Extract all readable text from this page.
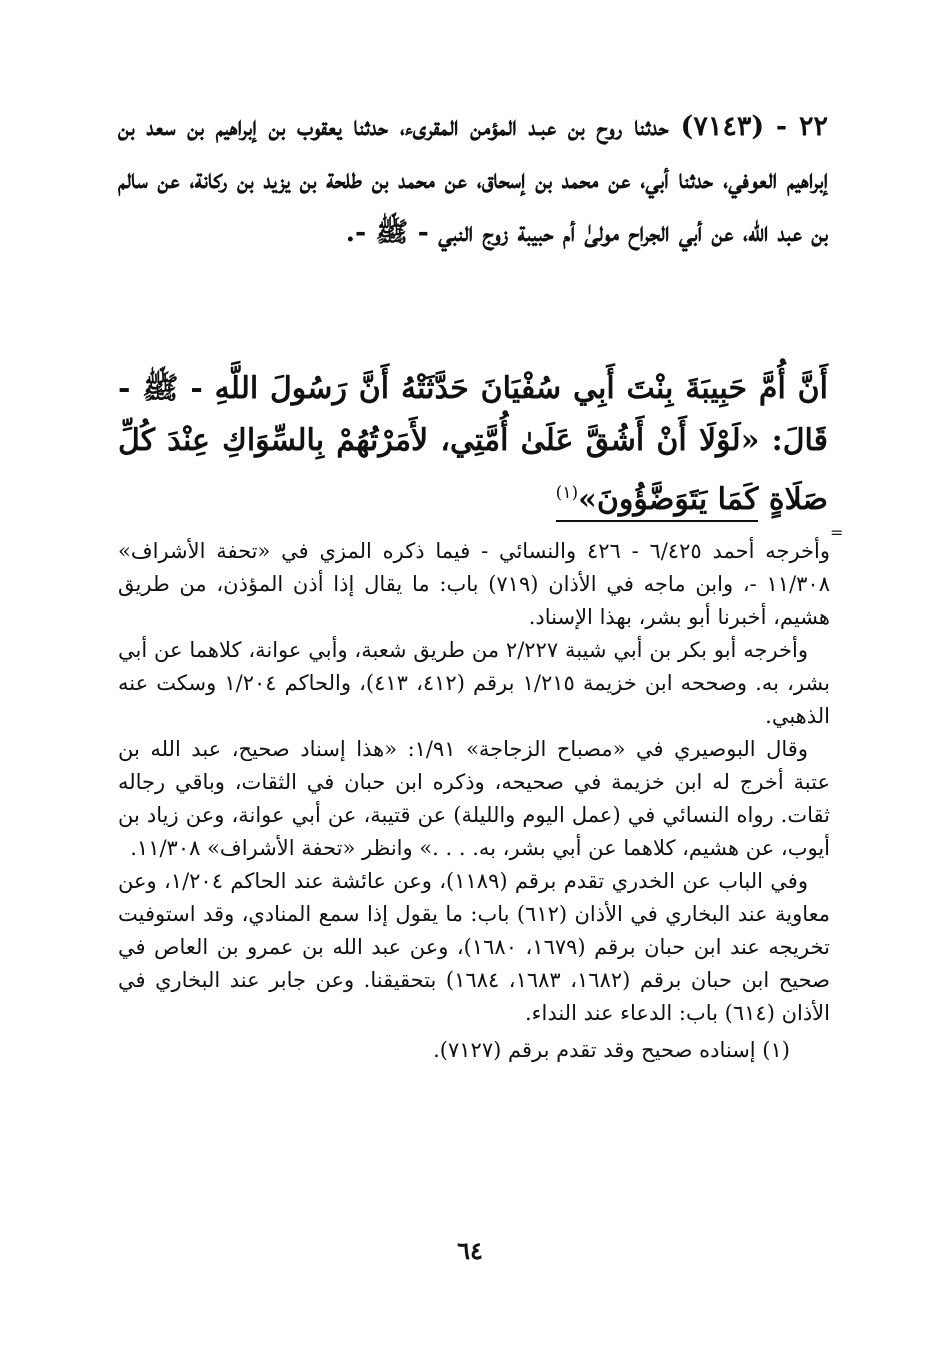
٢٢ - (٧١٤٣) حدثنا روح بن عبـد المؤمن المقرىء، حدثنا يعقوب بن إبراهيم بن سعد بن إبراهيم العوفي، حدثنا أبي، عن محمد بن إسحاق، عن محمد بن طلحة بن يزيد بن ركانة، عن سالم بن عبد الله، عن أبي الجراح مولىٰ أم حبيبة زوج النبي - ﷺ -.

أَنَّ أُمَّ حَبِيبَةَ بِنْتَ أَبِي سُفْيَانَ حَدَّثَتْهُ أَنَّ رَسُولَ اللَّهِ - ﷺ - قَالَ: «لَوْلَا أَنْ أَشُقَّ عَلَىٰ أُمَّتِي، لأَمَرْتُهُمْ بِالسِّوَاكِ عِنْدَ كُلِّ صَلَاةٍ كَمَا يَتَوَضَّؤُونَ»$^{(١)}$

=

وأخرجه أحمد ٦/٤٢٥ - ٤٢٦ والنسائي - فيما ذكره المزي في «تحفة الأشراف» ١١/٣٠٨ -، وابن ماجه في الأذان (٧١٩) باب: ما يقال إذا أذن المؤذن، من طريق هشيم، أخبرنا أبو بشر، بهذا الإسناد.

وأخرجه أبو بكر بن أبي شيبة ٢/٢٢٧ من طريق شعبة، وأبي عوانة، كلاهما عن أبي بشر، به. وصححه ابن خزيمة ١/٢١٥ برقم (٤١٢، ٤١٣)، والحاكم ١/٢٠٤ وسكت عنه الذهبي.

وقال البوصيري في «مصباح الزجاجة» ١/٩١: «هذا إسناد صحيح، عبد الله بن عتبة أخرج له ابن خزيمة في صحيحه، وذكره ابن حبان في الثقات، وباقي رجاله ثقات. رواه النسائي في (عمل اليوم والليلة) عن قتيبة، عن أبي عوانة، وعن زياد بن أيوب، عن هشيم، كلاهما عن أبي بشر، به. . . .» وانظر «تحفة الأشراف» ١١/٣٠٨.

وفي الباب عن الخدري تقدم برقم (١١٨٩)، وعن عائشة عند الحاكم ١/٢٠٤، وعن معاوية عند البخاري في الأذان (٦١٢) باب: ما يقول إذا سمع المنادي، وقد استوفيت تخريجه عند ابن حبان برقم (١٦٧٩، ١٦٨٠)، وعن عبد الله بن عمرو بن العاص في صحيح ابن حبان برقم (١٦٨٢، ١٦٨٣، ١٦٨٤) بتحقيقنا. وعن جابر عند البخاري في الأذان (٦١٤) باب: الدعاء عند النداء.

(١) إسناده صحيح وقد تقدم برقم (٧١٢٧).

٦٤
